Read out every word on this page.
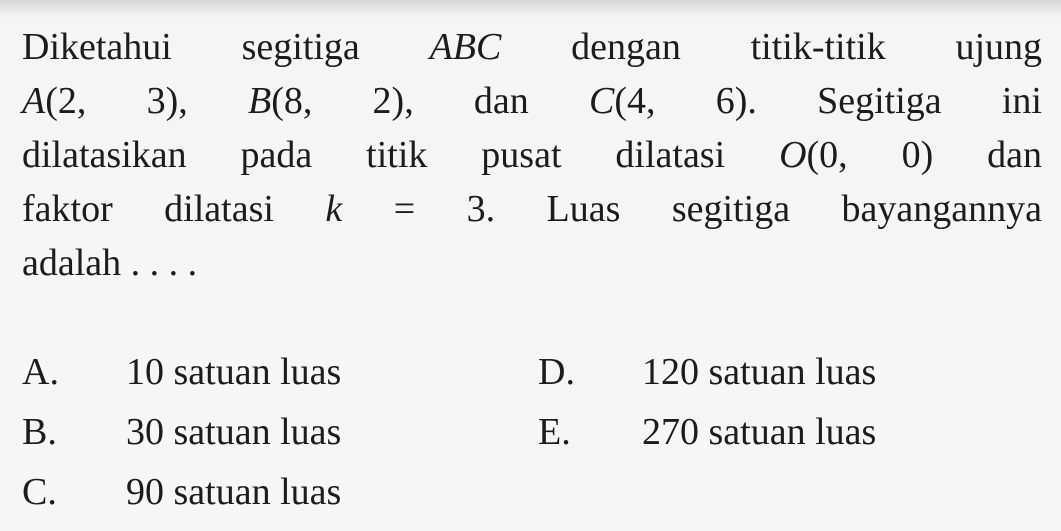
Diketahui segitiga ABC dengan titik-titik ujung

A(2, 3), B(8, 2), dan C(4, 6). Segitiga ini

dilatasikan pada titik pusat dilatasi O(0, 0) dan

faktor dilatasi k = 3. Luas segitiga bayangannya

adalah . . . .

A. 10 satuan luas
B. 30 satuan luas
C. 90 satuan luas
D. 120 satuan luas
E. 270 satuan luas
